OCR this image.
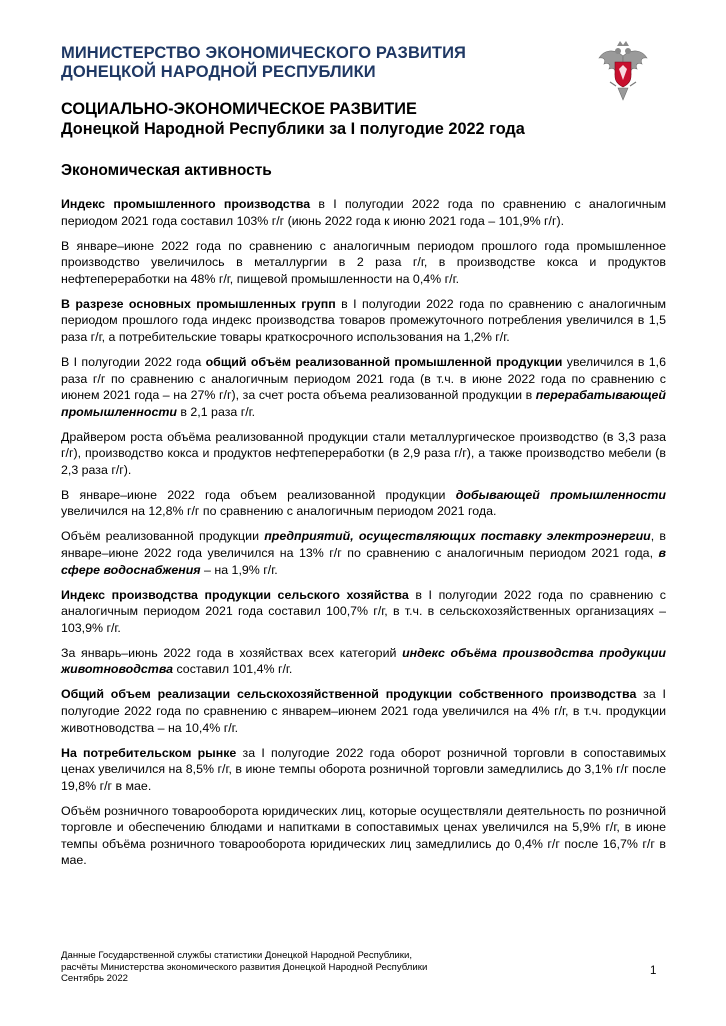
МИНИСТЕРСТВО ЭКОНОМИЧЕСКОГО РАЗВИТИЯ
ДОНЕЦКОЙ НАРОДНОЙ РЕСПУБЛИКИ
СОЦИАЛЬНО-ЭКОНОМИЧЕСКОЕ РАЗВИТИЕ
Донецкой Народной Республики за I полугодие 2022 года
Экономическая активность

Индекс промышленного производства в I полугодии 2022 года по сравнению с аналогичным периодом 2021 года составил 103% г/г (июнь 2022 года к июню 2021 года – 101,9% г/г).

В январе–июне 2022 года по сравнению с аналогичным периодом прошлого года промышленное производство увеличилось в металлургии в 2 раза г/г, в производстве кокса и продуктов нефтепереработки на 48% г/г, пищевой промышленности на 0,4% г/г.

В разрезе основных промышленных групп в I полугодии 2022 года по сравнению с аналогичным периодом прошлого года индекс производства товаров промежуточного потребления увеличился в 1,5 раза г/г, а потребительские товары краткосрочного использования на 1,2% г/г.

В I полугодии 2022 года общий объём реализованной промышленной продукции увеличился в 1,6 раза г/г по сравнению с аналогичным периодом 2021 года (в т.ч. в июне 2022 года по сравнению с июнем 2021 года – на 27% г/г), за счет роста объема реализованной продукции в перерабатывающей промышленности в 2,1 раза г/г.

Драйвером роста объёма реализованной продукции стали металлургическое производство (в 3,3 раза г/г), производство кокса и продуктов нефтепереработки (в 2,9 раза г/г), а также производство мебели (в 2,3 раза г/г).

В январе–июне 2022 года объем реализованной продукции добывающей промышленности увеличился на 12,8% г/г по сравнению с аналогичным периодом 2021 года.

Объём реализованной продукции предприятий, осуществляющих поставку электроэнергии, в январе–июне 2022 года увеличился на 13% г/г по сравнению с аналогичным периодом 2021 года, в сфере водоснабжения – на 1,9% г/г.

Индекс производства продукции сельского хозяйства в I полугодии 2022 года по сравнению с аналогичным периодом 2021 года составил 100,7% г/г, в т.ч. в сельскохозяйственных организациях – 103,9% г/г.

За январь–июнь 2022 года в хозяйствах всех категорий индекс объёма производства продукции животноводства составил 101,4% г/г.

Общий объем реализации сельскохозяйственной продукции собственного производства за I полугодие 2022 года по сравнению с январем–июнем 2021 года увеличился на 4% г/г, в т.ч. продукции животноводства – на 10,4% г/г.

На потребительском рынке за I полугодие 2022 года оборот розничной торговли в сопоставимых ценах увеличился на 8,5% г/г, в июне темпы оборота розничной торговли замедлились до 3,1% г/г после 19,8% г/г в мае.

Объём розничного товарооборота юридических лиц, которые осуществляли деятельность по розничной торговле и обеспечению блюдами и напитками в сопоставимых ценах увеличился на 5,9% г/г, в июне темпы объёма розничного товарооборота юридических лиц замедлились до 0,4% г/г после 16,7% г/г в мае.

Данные Государственной службы статистики Донецкой Народной Республики,
расчёты Министерства экономического развития Донецкой Народной Республики
Сентябрь 2022
1
